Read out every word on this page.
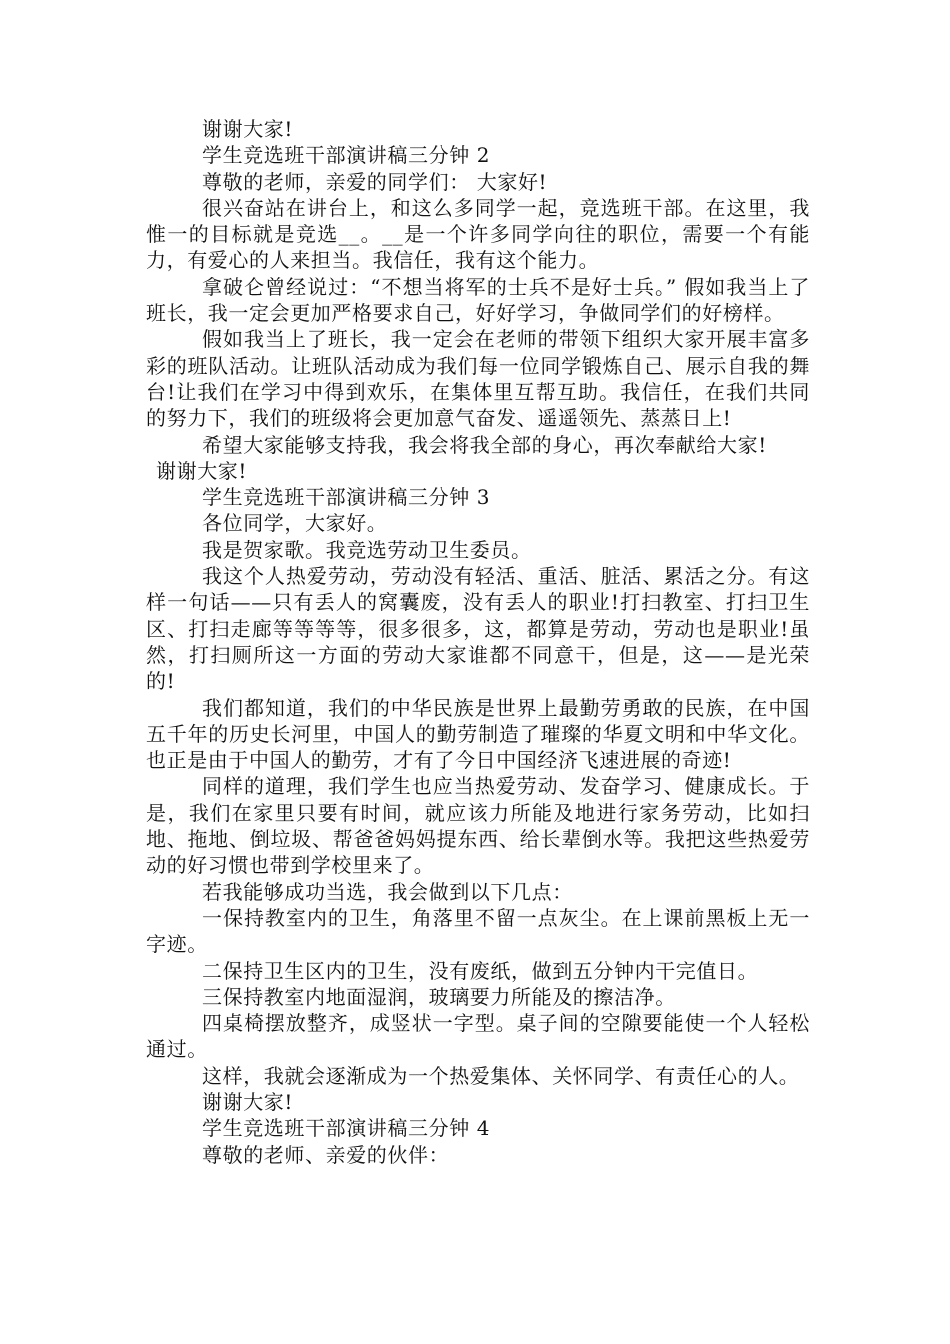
谢谢大家!

学生竞选班干部演讲稿三分钟 2

尊敬的老师，亲爱的同学们： 大家好!

很兴奋站在讲台上，和这么多同学一起，竞选班干部。在这里，我惟一的目标就是竞选__。__是一个许多同学向往的职位，需要一个有能力，有爱心的人来担当。我信任，我有这个能力。

拿破仑曾经说过：“不想当将军的士兵不是好士兵。” 假如我当上了班长，我一定会更加严格要求自己，好好学习，争做同学们的好榜样。

假如我当上了班长，我一定会在老师的带领下组织大家开展丰富多彩的班队活动。让班队活动成为我们每一位同学锻炼自己、展示自我的舞台!让我们在学习中得到欢乐，在集体里互帮互助。我信任，在我们共同的努力下，我们的班级将会更加意气奋发、遥遥领先、蒸蒸日上!

希望大家能够支持我，我会将我全部的身心，再次奉献给大家!

谢谢大家!

学生竞选班干部演讲稿三分钟 3

各位同学，大家好。

我是贺家歌。我竞选劳动卫生委员。

我这个人热爱劳动，劳动没有轻活、重活、脏活、累活之分。有这样一句话——只有丢人的窝囊废，没有丢人的职业!打扫教室、打扫卫生区、打扫走廊等等等等，很多很多，这，都算是劳动，劳动也是职业!虽然，打扫厕所这一方面的劳动大家谁都不同意干，但是，这——是光荣的!

我们都知道，我们的中华民族是世界上最勤劳勇敢的民族，在中国五千年的历史长河里，中国人的勤劳制造了璀璨的华夏文明和中华文化。也正是由于中国人的勤劳，才有了今日中国经济飞速进展的奇迹!

同样的道理，我们学生也应当热爱劳动、发奋学习、健康成长。于是，我们在家里只要有时间，就应该力所能及地进行家务劳动，比如扫地、拖地、倒垃圾、帮爸爸妈妈提东西、给长辈倒水等。我把这些热爱劳动的好习惯也带到学校里来了。

若我能够成功当选，我会做到以下几点：

一保持教室内的卫生，角落里不留一点灰尘。在上课前黑板上无一字迹。

二保持卫生区内的卫生，没有废纸，做到五分钟内干完值日。

三保持教室内地面湿润，玻璃要力所能及的擦洁净。

四桌椅摆放整齐，成竖状一字型。桌子间的空隙要能使一个人轻松通过。

这样，我就会逐渐成为一个热爱集体、关怀同学、有责任心的人。

谢谢大家!

学生竞选班干部演讲稿三分钟 4

尊敬的老师、亲爱的伙伴：
